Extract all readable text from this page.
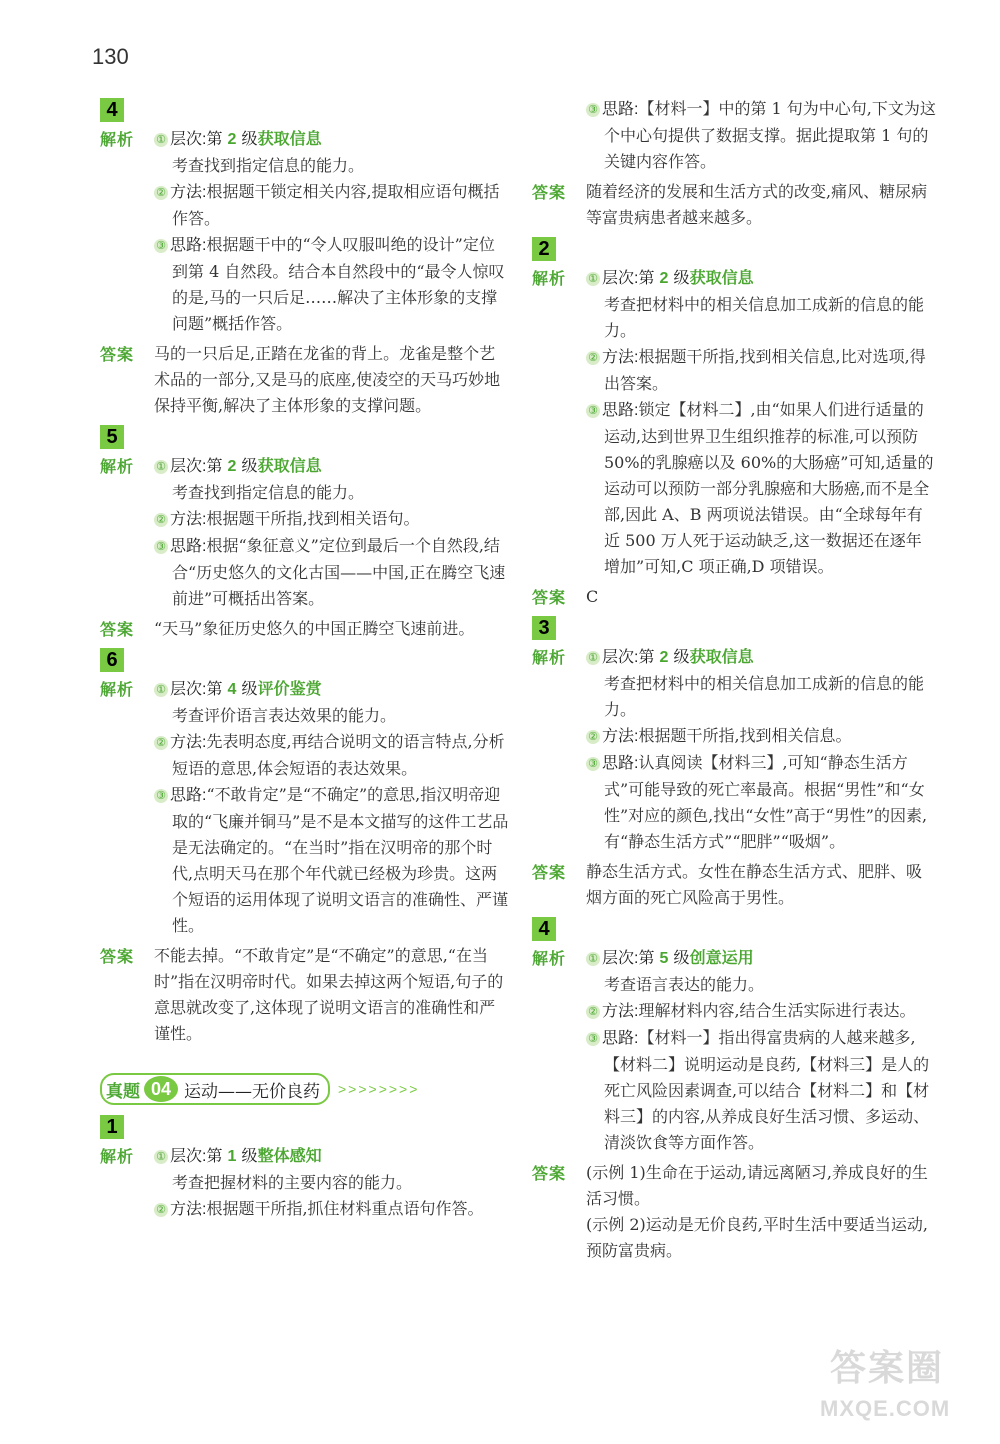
130
4
解析 ① 层次:第 2 级获取信息

考查找到指定信息的能力。

② 方法:根据题干锁定相关内容,提取相应语句概括作答。

③ 思路:根据题干中的“令人叹服叫绝的设计”定位到第 4 自然段。结合本自然段中的“最令人惊叹的是,马的一只后足……解决了主体形象的支撑问题”概括作答。

答案 马的一只后足,正踏在龙雀的背上。龙雀是整个艺术品的一部分,又是马的底座,使凌空的天马巧妙地保持平衡,解决了主体形象的支撑问题。

5
解析 ① 层次:第 2 级获取信息

考查找到指定信息的能力。

② 方法:根据题干所指,找到相关语句。

③ 思路:根据“象征意义”定位到最后一个自然段,结合“历史悠久的文化古国——中国,正在腾空飞速前进”可概括出答案。

答案 “天马”象征历史悠久的中国正腾空飞速前进。

6
解析 ① 层次:第 4 级评价鉴赏

考查评价语言表达效果的能力。

② 方法:先表明态度,再结合说明文的语言特点,分析短语的意思,体会短语的表达效果。

③ 思路:“不敢肯定”是“不确定”的意思,指汉明帝迎取的“飞廉并铜马”是不是本文描写的这件工艺品是无法确定的。“在当时”指在汉明帝的那个时代,点明天马在那个年代就已经极为珍贵。这两个短语的运用体现了说明文语言的准确性、严谨性。

答案 不能去掉。“不敢肯定”是“不确定”的意思,“在当时”指在汉明帝时代。如果去掉这两个短语,句子的意思就改变了,这体现了说明文语言的准确性和严谨性。

真题 04 运动——无价良药 >>>>>>>>
1
解析 ① 层次:第 1 级整体感知

考查把握材料的主要内容的能力。

② 方法:根据题干所指,抓住材料重点语句作答。

③ 思路:【材料一】中的第 1 句为中心句,下文为这个中心句提供了数据支撑。据此提取第 1 句的关键内容作答。

答案 随着经济的发展和生活方式的改变,痛风、糖尿病等富贵病患者越来越多。

2
解析 ① 层次:第 2 级获取信息

考查把材料中的相关信息加工成新的信息的能力。

② 方法:根据题干所指,找到相关信息,比对选项,得出答案。

③ 思路:锁定【材料二】,由“如果人们进行适量的运动,达到世界卫生组织推荐的标准,可以预防 50%的乳腺癌以及 60%的大肠癌”可知,适量的运动可以预防一部分乳腺癌和大肠癌,而不是全部,因此 A、B 两项说法错误。由“全球每年有近 500 万人死于运动缺乏,这一数据还在逐年增加”可知,C 项正确,D 项错误。

答案 C

3
解析 ① 层次:第 2 级获取信息

考查把材料中的相关信息加工成新的信息的能力。

② 方法:根据题干所指,找到相关信息。

③ 思路:认真阅读【材料三】,可知“静态生活方式”可能导致的死亡率最高。根据“男性”和“女性”对应的颜色,找出“女性”高于“男性”的因素,有“静态生活方式”“肥胖”“吸烟”。

答案 静态生活方式。女性在静态生活方式、肥胖、吸烟方面的死亡风险高于男性。

4
解析 ① 层次:第 5 级创意运用

考查语言表达的能力。

② 方法:理解材料内容,结合生活实际进行表达。

③ 思路:【材料一】指出得富贵病的人越来越多,【材料二】说明运动是良药,【材料三】是人的死亡风险因素调查,可以结合【材料二】和【材料三】的内容,从养成良好生活习惯、多运动、清淡饮食等方面作答。

答案 (示例 1)生命在于运动,请远离陋习,养成良好的生活习惯。

(示例 2)运动是无价良药,平时生活中要适当运动,预防富贵病。

答案圈
MXQE.COM
